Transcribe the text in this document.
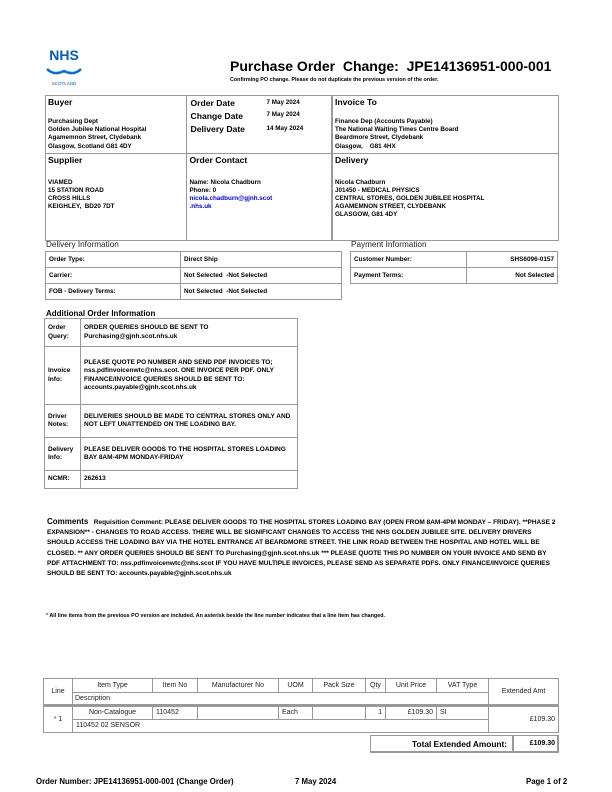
NHS
SCOTLAND
Purchase Order  Change:  JPE14136951-000-001
Confirming PO change. Please do not duplicate the previous version of the order.
Buyer
Purchasing Dept
Golden Jubilee National Hospital
Agamemnon Street, Clydebank
Glasgow, Scotland G81 4DY
Order Date	7 May 2024
Change Date	7 May 2024
Delivery Date	14 May 2024
Invoice To
Finance Dep (Accounts Payable)
The National Waiting Times Centre Board
Beardmore Street, Clydebank
Glasgow,    G81 4HX
Supplier
VIAMED
15 STATION ROAD
CROSS HILLS
KEIGHLEY,  BD20 7DT
Order Contact
Name: Nicola Chadburn
Phone: 0
nicola.chadburn@gjnh.scot
.nhs.uk
Delivery
Nicola Chadburn
J01450 - MEDICAL PHYSICS
CENTRAL STORES, GOLDEN JUBILEE HOSPITAL
AGAMEMNON STREET, CLYDEBANK
GLASGOW, G81 4DY
Delivery Information
Order Type:	Direct Ship
Carrier:	Not Selected  -Not Selected
FOB - Delivery Terms:	Not Selected  -Not Selected
Payment Information
Customer Number:	SHS6096-0157
Payment Terms:	Not Selected
Additional Order Information
Order Query:	ORDER QUERIES SHOULD BE SENT TO Purchasing@gjnh.scot.nhs.uk
Invoice Info:	PLEASE QUOTE PO NUMBER AND SEND PDF INVOICES TO; nss.pdfinvoicenwtc@nhs.scot. ONE INVOICE PER PDF. ONLY FINANCE/INVOICE QUERIES SHOULD BE SENT TO: accounts.payable@gjnh.scot.nhs.uk
Driver Notes:	DELIVERIES SHOULD BE MADE TO CENTRAL STORES ONLY AND NOT LEFT UNATTENDED ON THE LOADING BAY.
Delivery Info:	PLEASE DELIVER GOODS TO THE HOSPITAL STORES LOADING BAY 8AM-4PM MONDAY-FRIDAY
NCMR:	262613
Comments Requisition Comment: PLEASE DELIVER GOODS TO THE HOSPITAL STORES LOADING BAY (OPEN FROM 8AM-4PM MONDAY – FRIDAY). **PHASE 2 EXPANSION** - CHANGES TO ROAD ACCESS. THERE WILL BE SIGNIFICANT CHANGES TO ACCESS THE NHS GOLDEN JUBILEE SITE. DELIVERY DRIVERS SHOULD ACCESS THE LOADING BAY VIA THE HOTEL ENTRANCE AT BEARDMORE STREET. THE LINK ROAD BETWEEN THE HOSPITAL AND HOTEL WILL BE CLOSED. ** ANY ORDER QUERIES SHOULD BE SENT TO Purchasing@gjnh.scot.nhs.uk *** PLEASE QUOTE THIS PO NUMBER ON YOUR INVOICE AND SEND BY PDF ATTACHMENT TO: nss.pdfinvoicenwtc@nhs.scot IF YOU HAVE MULTIPLE INVOICES, PLEASE SEND AS SEPARATE PDFS. ONLY FINANCE/INVOICE QUERIES SHOULD BE SENT TO: accounts.payable@gjnh.scot.nhs.uk
* All line items from the previous PO version are included. An asterisk beside the line number indicates that a line item has changed.
Line	Item Type	Item No	Manufacturer No	UOM	Pack Size	Qty	Unit Price	VAT Type	Extended Amt
	Description								
* 1	Non-Catalogue	110452		Each		1	£109.30	SI	£109.30
	110452 02 SENSOR								
Total Extended Amount:	£109.30
Order Number: JPE14136951-000-001 (Change Order)	7 May 2024	Page 1 of 2
